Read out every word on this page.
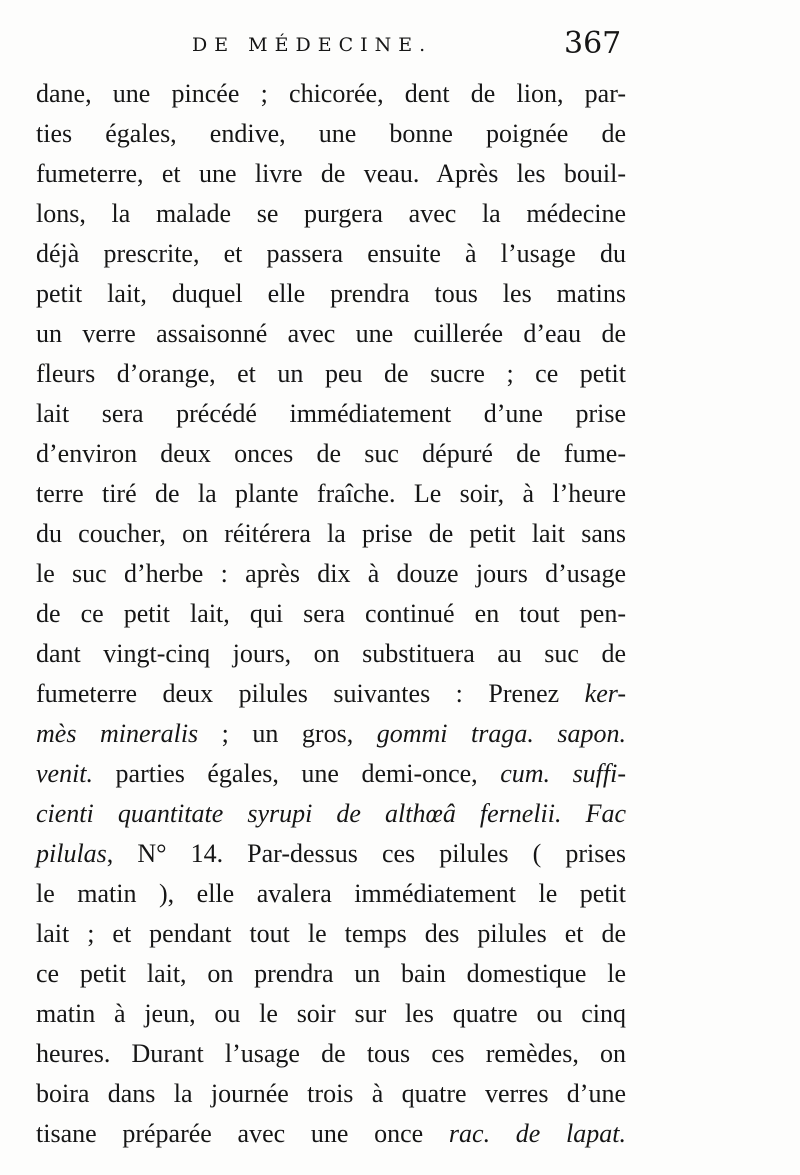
DE MÉDECINE.	367
dane, une pincée ; chicorée, dent de lion, par-
ties égales, endive, une bonne poignée de
fumeterre, et une livre de veau. Après les bouil-
lons, la malade se purgera avec la médecine
déjà prescrite, et passera ensuite à l’usage du
petit lait, duquel elle prendra tous les matins
un verre assaisonné avec une cuillerée d’eau de
fleurs d’orange, et un peu de sucre ; ce petit
lait sera précédé immédiatement d’une prise
d’environ deux onces de suc dépuré de fume-
terre tiré de la plante fraîche. Le soir, à l’heure
du coucher, on réitérera la prise de petit lait sans
le suc d’herbe : après dix à douze jours d’usage
de ce petit lait, qui sera continué en tout pen-
dant vingt-cinq jours, on substituera au suc de
fumeterre deux pilules suivantes : Prenez ker-
mès mineralis ; un gros, gommi traga. sapon.
venit. parties égales, une demi-once, cum. suffi-
cienti quantitate syrupi de althœâ fernelii. Fac
pilulas, N° 14. Par-dessus ces pilules ( prises
le matin ), elle avalera immédiatement le petit
lait ; et pendant tout le temps des pilules et de
ce petit lait, on prendra un bain domestique le
matin à jeun, ou le soir sur les quatre ou cinq
heures. Durant l’usage de tous ces remèdes, on
boira dans la journée trois à quatre verres d’une
tisane préparée avec une once rac. de lapat.
